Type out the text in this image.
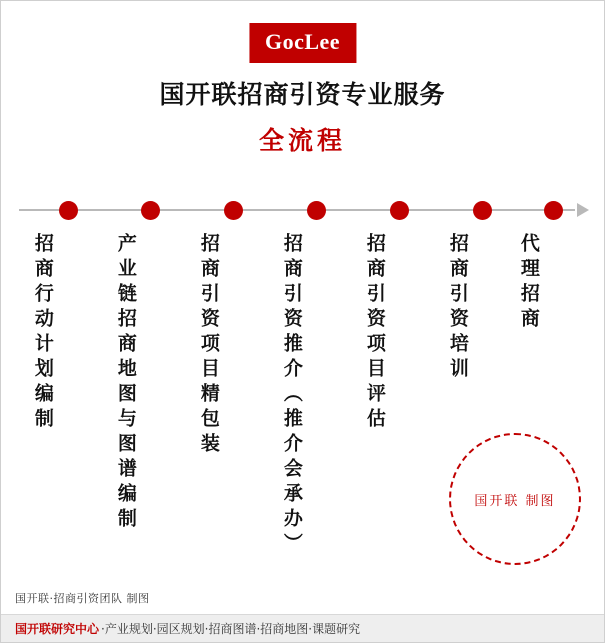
GocLee
国开联招商引资专业服务
全流程
招商行动计划编制	产业链招商地图与图谱编制	招商引资项目精包装	招商引资推介（推介会承办）	招商引资项目评估	招商引资培训	代理招商
国开联 制图
国开联·招商引资团队 制图
国开联研究中心 ·产业规划·园区规划·招商图谱·招商地图·课题研究
